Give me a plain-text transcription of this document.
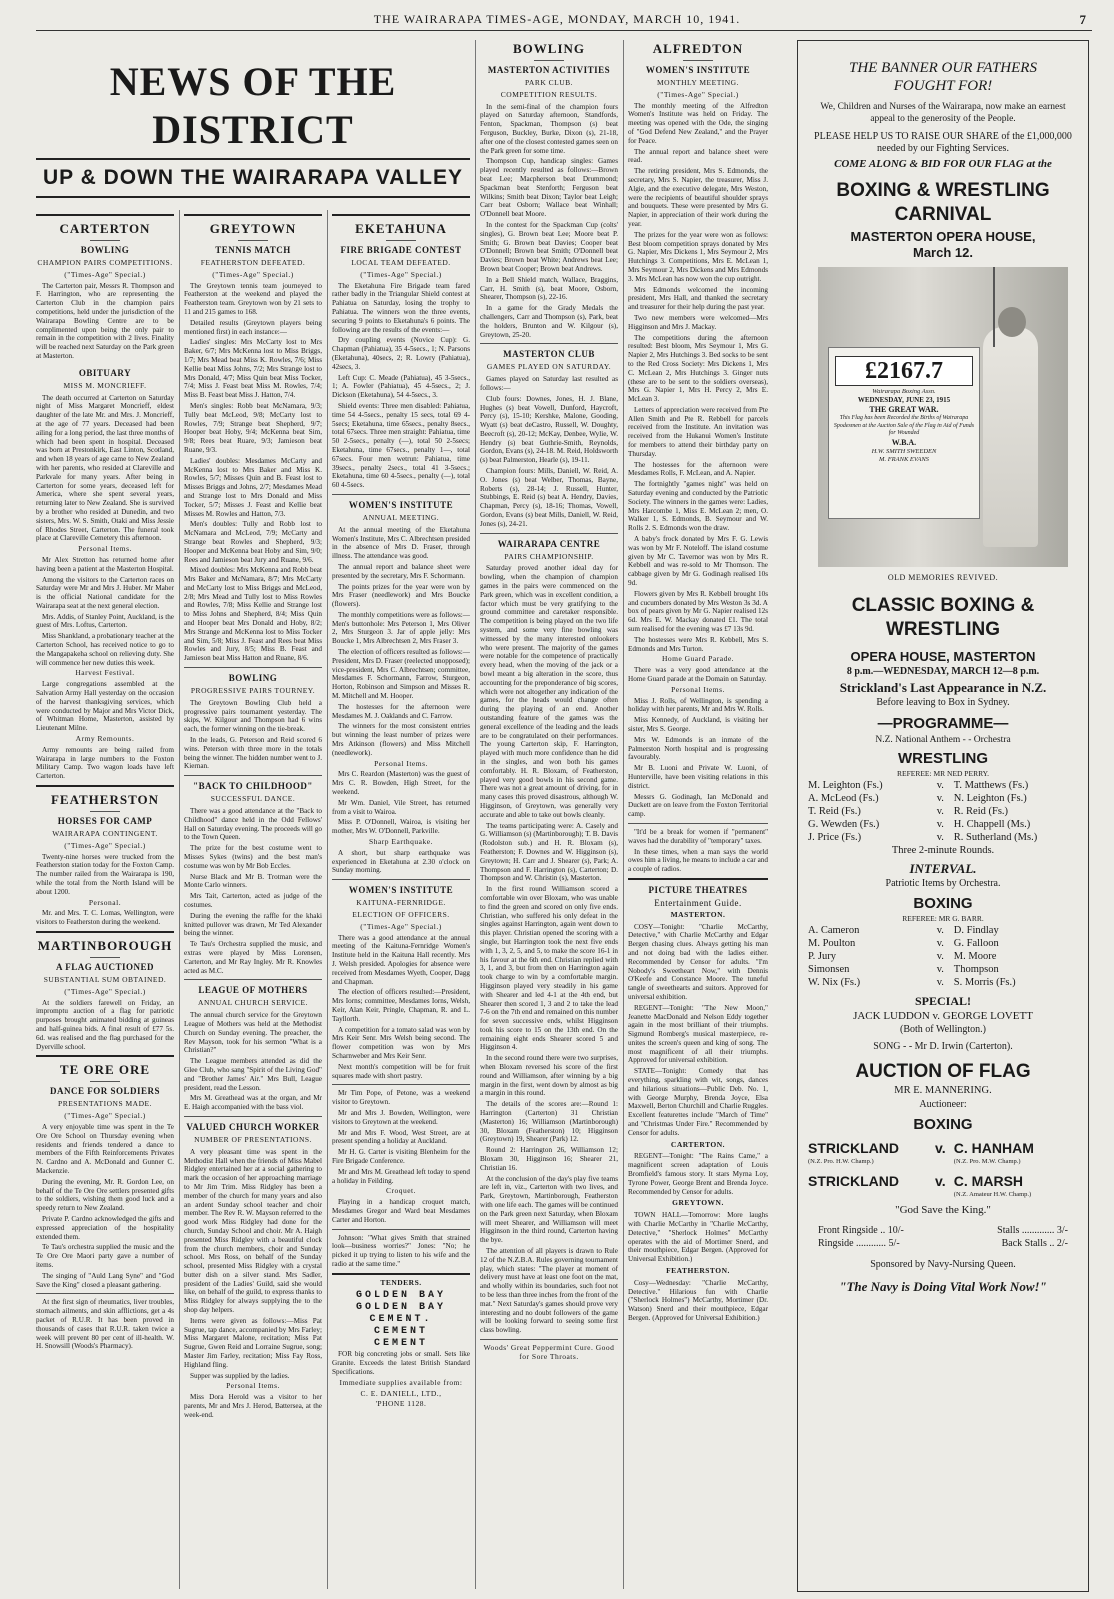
THE WAIRARAPA TIMES-AGE, MONDAY, MARCH 10, 1941.	7
NEWS OF THE DISTRICT
UP & DOWN THE WAIRARAPA VALLEY
CARTERTON
BOWLING
CHAMPION PAIRS COMPETITIONS.

("Times-Age" Special.)

The Carterton pair, Messrs R. Thompson and F. Harrington, who are representing the Carterton Club in the champion pairs competitions, held under the jurisdiction of the Wairarapa Bowling Centre are to be complimented upon being the only pair to remain in the competition with 2 lives. Finality will be reached next Saturday on the Park green at Masterton.

OBITUARY
MISS M. MONCRIEFF.

The death occurred at Carterton on Saturday night of Miss Margaret Moncrieff, eldest daughter of the late Mr. and Mrs. J. Moncrieff, at the age of 77 years. Deceased had been ailing for a long period, the last three months of which had been spent in hospital. Deceased was born at Prestonkirk, East Linton, Scotland, and when 18 years of age came to New Zealand with her parents, who resided at Clareville and Parkvale for many years. After being in Carterton for some years, deceased left for America, where she spent several years, returning later to New Zealand. She is survived by a brother who resided at Dunedin, and two sisters, Mrs. W. S. Smith, Otaki and Miss Jessie of Rhodes Street, Carterton. The funeral took place at Clareville Cemetery this afternoon.

Personal Items.

Mr Alex Stretton has returned home after having been a patient at the Masterton Hospital.

Among the visitors to the Carterton races on Saturday were Mr and Mrs J. Huber. Mr Maher is the official National candidate for the Wairarapa seat at the next general election.

Mrs. Addis, of Stanley Point, Auckland, is the guest of Mrs. Loftus, Carterton.

Miss Shankland, a probationary teacher at the Carterton School, has received notice to go to the Mangapakeha school on relieving duty. She will commence her new duties this week.

Harvest Festival.

Large congregations assembled at the Salvation Army Hall yesterday on the occasion of the harvest thanksgiving services, which were conducted by Major and Mrs Victor Dick, of Whitman Home, Masterton, assisted by Lieutenant Milne.

Army Remounts.

Army remounts are being railed from Wairarapa in large numbers to the Foxton Military Camp. Two wagon loads have left Carterton.

FEATHERSTON
HORSES FOR CAMP
WAIRARAPA CONTINGENT.

("Times-Age" Special.)

Twenty-nine horses were trucked from the Featherston station today for the Foxton Camp. The number railed from the Wairarapa is 190, while the total from the North Island will be about 1200.

Personal.

Mr. and Mrs. T. C. Lomas, Wellington, were visitors to Featherston during the weekend.

MARTINBOROUGH
A FLAG AUCTIONED
SUBSTANTIAL SUM OBTAINED.

("Times-Age" Special.)

At the soldiers farewell on Friday, an impromptu auction of a flag for patriotic purposes brought animated bidding at guineas and half-guinea bids. A final result of £77 5s. 6d. was realised and the flag purchased for the Dyerville school.

TE ORE ORE
DANCE FOR SOLDIERS
PRESENTATIONS MADE.

("Times-Age" Special.)

A very enjoyable time was spent in the Te Ore Ore School on Thursday evening when residents and friends tendered a dance to members of the Fifth Reinforcements Privates N. Cardno and A. McDonald and Gunner C. Mackenzie.

During the evening, Mr. R. Gordon Lee, on behalf of the Te Ore Ore settlers presented gifts to the soldiers, wishing them good luck and a speedy return to New Zealand.

Private P. Cardno acknowledged the gifts and expressed appreciation of the hospitality extended them.

Te Tau's orchestra supplied the music and the Te Ore Ore Maori party gave a number of items.

The singing of "Auld Lang Syne" and "God Save the King" closed a pleasant gathering.

At the first sign of rheumatics, liver troubles, stomach ailments, and skin afflictions, get a 4s packet of R.U.R. It has been proved in thousands of cases that R.U.R. taken twice a week will prevent 80 per cent of ill-health. W. H. Snowsill (Woods's Pharmacy).

GREYTOWN
TENNIS MATCH
FEATHERSTON DEFEATED.

("Times-Age" Special.)

The Greytown tennis team journeyed to Featherston at the weekend and played the Featherston team. Greytown won by 21 sets to 11 and 215 games to 168.

Detailed results (Greytown players being mentioned first) in each instance:—

Ladies' singles: Mrs McCarty lost to Mrs Baker, 6/7; Mrs McKenna lost to Miss Briggs, 1/7; Mrs Mead beat Miss K. Rowles, 7/6; Miss Kellie beat Miss Johns, 7/2; Mrs Strange lost to Mrs Donald, 4/7; Miss Quin beat Miss Tocker, 7/4; Miss J. Feast beat Miss M. Rowles, 7/4; Miss B. Feast beat Miss J. Hatton, 7/4.

Men's singles: Robb beat McNamara, 9/3; Tully beat McLeod, 9/8; McCarty lost to Rowles, 7/9; Strange beat Shepherd, 9/7; Hooper beat Hoby, 9/4; McKenna beat Sim, 9/8; Rees beat Ruare, 9/3; Jamieson beat Ruane, 9/3.

Ladies' doubles: Mesdames McCarty and McKenna lost to Mrs Baker and Miss K. Rowles, 5/7; Misses Quin and B. Feast lost to Misses Briggs and Johns, 2/7; Mesdames Mead and Strange lost to Mrs Donald and Miss Tocker, 5/7; Misses J. Feast and Kellie beat Misses M. Rowles and Hatton, 7/3.

Men's doubles: Tully and Robb lost to McNamara and McLeod, 7/9; McCarty and Strange beat Rowles and Shepherd, 9/3; Hooper and McKenna beat Hoby and Sim, 9/0; Rees and Jamieson beat Jury and Ruane, 9/6.

Mixed doubles: Mrs McKenna and Robb beat Mrs Baker and McNamara, 8/7; Mrs McCarty and McCarty lost to Miss Briggs and McLeod, 2/8; Mrs Mead and Tully lost to Miss Rowles and Rowles, 7/8; Miss Kellie and Strange lost to Miss Johns and Shepherd, 8/4; Miss Quin and Hooper beat Mrs Donald and Hoby, 8/2; Mrs Strange and McKenna lost to Miss Tocker and Sim, 5/8; Miss J. Feast and Rees beat Miss Rowles and Jury, 8/5; Miss B. Feast and Jamieson beat Miss Hatton and Ruane, 8/6.

BOWLING
PROGRESSIVE PAIRS TOURNEY.

The Greytown Bowling Club held a progressive pairs tournament yesterday. The skips, W. Kilgour and Thompson had 6 wins each, the former winning on the tie-break.

In the leads, G. Peterson and Reid scored 6 wins. Peterson with three more in the totals being the winner. The hidden number went to J. Kiernan.

"BACK TO CHILDHOOD"
SUCCESSFUL DANCE.

There was a good attendance at the "Back to Childhood" dance held in the Odd Fellows' Hall on Saturday evening. The proceeds will go to the Town Queen.

The prize for the best costume went to Misses Sykes (twins) and the best man's costume was won by Mr Bob Eccles.

Nurse Black and Mr B. Trotman were the Monte Carlo winners.

Mrs Tait, Carterton, acted as judge of the costumes.

During the evening the raffle for the khaki knitted pullover was drawn, Mr Ted Alexander being the winner.

Te Tau's Orchestra supplied the music, and extras were played by Miss Lorensen, Carterton, and Mr Ray Ingley. Mr R. Knowles acted as M.C.

LEAGUE OF MOTHERS
ANNUAL CHURCH SERVICE.

The annual church service for the Greytown League of Mothers was held at the Methodist Church on Sunday evening. The preacher, the Rev Mayson, took for his sermon "What is a Christian?"

The League members attended as did the Glee Club, who sang "Spirit of the Living God" and "Brother James' Air." Mrs Bull, League president, read the Lesson.

Mrs M. Greathead was at the organ, and Mr E. Haigh accompanied with the bass viol.

VALUED CHURCH WORKER
NUMBER OF PRESENTATIONS.

A very pleasant time was spent in the Methodist Hall when the friends of Miss Mabel Ridgley entertained her at a social gathering to mark the occasion of her approaching marriage to Mr Jim Trim. Miss Ridgley has been a member of the church for many years and also an ardent Sunday school teacher and choir member. The Rev R. W. Mayson referred to the good work Miss Ridgley had done for the church, Sunday School and choir. Mr A. Haigh presented Miss Ridgley with a beautiful clock from the church members, choir and Sunday school. Mrs Ross, on behalf of the Sunday school, presented Miss Ridgley with a crystal butter dish on a silver stand. Mrs Sadler, president of the Ladies' Guild, said she would like, on behalf of the guild, to express thanks to Miss Ridgley for always supplying the to the shop day helpers.

Items were given as follows:—Miss Pat Sugrue, tap dance, accompanied by Mrs Farley; Miss Margaret Malone, recitation; Miss Pat Sugrue, Gwen Reid and Lorraine Sugrue, song; Master Jim Farley, recitation; Miss Fay Ross, Highland fling.

Supper was supplied by the ladies.

Personal Items.

Miss Dora Herold was a visitor to her parents, Mr and Mrs J. Herod, Battersea, at the week-end.

EKETAHUNA
FIRE BRIGADE CONTEST
LOCAL TEAM DEFEATED.

("Times-Age" Special.)

The Eketahuna Fire Brigade team fared rather badly in the Triangular Shield contest at Pahiatua on Saturday, losing the trophy to Pahiatua. The winners won the three events, securing 9 points to Eketahuna's 6 points. The following are the results of the events:—

Dry coupling events (Novice Cup): G. Chapman (Pahiatua), 35 4-5secs., 1; N. Parsons (Eketahuna), 40secs, 2; R. Lowry (Pahiatua), 42secs, 3.

Left Cup: C. Meade (Pahiatua), 45 3-5secs., 1; A. Fowler (Pahiatua), 45 4-5secs., 2; J. Dickson (Eketahuna), 54 4-5secs., 3.

Shield events: Three men disabled: Pahiatua, time 54 4-5secs., penalty 15 secs, total 69 4-5secs; Eketahuna, time 65secs., penalty 8secs., total 67secs. Three men straight: Pahiatua, time 50 2-5secs., penalty (—), total 50 2-5secs; Eketahuna, time 67secs., penalty 1—, total 67secs. Four men wetrun: Pahiatua, time 39secs., penalty 2secs., total 41 3-5secs.; Eketahuna, time 60 4-5secs., penalty (—), total 60 4-5secs.

WOMEN'S INSTITUTE
ANNUAL MEETING.

At the annual meeting of the Eketahuna Women's Institute, Mrs C. Albrechtsen presided in the absence of Mrs D. Fraser, through illness. The attendance was good.

The annual report and balance sheet were presented by the secretary, Mrs F. Schormann.

The points prizes for the year were won by Mrs Fraser (needlework) and Mrs Boucke (flowers).

The monthly competitions were as follows:—Men's buttonhole: Mrs Peterson 1, Mrs Oliver 2, Mrs Sturgeon 3. Jar of apple jelly: Mrs Boucke 1, Mrs Albrechtsen 2, Mrs Fraser 3.

The election of officers resulted as follows:—President, Mrs D. Fraser (reelected unopposed); vice-president, Mrs C. Albrechtsen; committee, Mesdames F. Schormann, Farrow, Sturgeon, Horton, Robinson and Simpson and Misses R. M. Mitchell and M. Hooper.

The hostesses for the afternoon were Mesdames M. J. Oaklands and C. Farrow.

The winners for the most consistent entries but winning the least number of prizes were Mrs Atkinson (flowers) and Miss Mitchell (needlework).

Personal Items.

Mrs C. Reardon (Masterton) was the guest of Mrs C. R. Bowden, High Street, for the weekend.

Mr Wm. Daniel, Vile Street, has returned from a visit to Wairoa.

Miss P. O'Donnell, Wairoa, is visiting her mother, Mrs W. O'Donnell, Parkville.

Sharp Earthquake.

A short, but sharp earthquake was experienced in Eketahuna at 2.30 o'clock on Sunday morning.

WOMEN'S INSTITUTE
KAITUNA-FERNRIDGE.
ELECTION OF OFFICERS.

("Times-Age" Special.)

There was a good attendance at the annual meeting of the Kaituna-Fernridge Women's Institute held in the Kaituna Hall recently. Mrs J. Welsh presided. Apologies for absence were received from Mesdames Wyeth, Cooper, Dagg and Chapman.

The election of officers resulted:—President, Mrs Iorns; committee, Mesdames Iorns, Welsh, Keir, Alan Keir, Pringle, Chapman, R. and L. Tayllorth.

A competition for a tomato salad was won by Mrs Keir Senr. Mrs Welsh being second. The flower competition was won by Mrs Scharnweber and Mrs Keir Senr.

Next month's competition will be for fruit squares made with short pastry.

Mr Tim Pope, of Petone, was a weekend visitor to Greytown.

Mr and Mrs J. Bowden, Wellington, were visitors to Greytown at the weekend.

Mr and Mrs F. Wood, West Street, are at present spending a holiday at Auckland.

Mr H. G. Carter is visiting Blenheim for the Fire Brigade Conference.

Mr and Mrs M. Greathead left today to spend a holiday in Feilding.

Croquet.

Playing in a handicap croquet match, Mesdames Gregor and Ward beat Mesdames Carter and Horton.

Johnson: "What gives Smith that strained look—business worries?" Jones: "No; he picked it up trying to listen to his wife and the radio at the same time."

TENDERS.
GOLDEN BAY
GOLDEN BAY
CEMENT.
CEMENT
CEMENT

FOR big concreting jobs or small. Sets like Granite. Exceeds the latest British Standard Specifications.

Immediate supplies available from:

C. E. DANIELL, LTD.,

'PHONE 1128.

BOWLING
MASTERTON ACTIVITIES
PARK CLUB.
COMPETITION RESULTS.

In the semi-final of the champion fours played on Saturday afternoon, Standfords, Fenton, Spackman, Thompson (s) beat Ferguson, Buckley, Burke, Dixon (s), 21-18, after one of the closest contested games seen on the Park green for some time.

Thompson Cup, handicap singles: Games played recently resulted as follows:—Brown beat Lee; Macpherson beat Drummond; Spackman beat Stenforth; Ferguson beat Wilkins; Smith beat Dixon; Taylor beat Leigh; Carr beat Osborn; Wallace beat Winhall; O'Donnell beat Moore.

In the contest for the Spackman Cup (colts' singles), G. Brown beat Lee; Moore beat P. Smith; G. Brown beat Davies; Cooper beat O'Donnell; Brown beat Smith; O'Donnell beat Davies; Brown beat White; Andrews beat Lee; Brown beat Cooper; Brown beat Andrews.

In a Bell Shield match, Wallace, Braggins, Carr, H. Smith (s), beat Moore, Osborn, Shearer, Thompson (s), 22-16.

In a game for the Grady Medals the challengers, Carr and Thompson (s), Park, beat the holders, Brunton and W. Kilgour (s), Greytown, 25-20.

MASTERTON CLUB
GAMES PLAYED ON SATURDAY.

Games played on Saturday last resulted as follows:—

Club fours: Downes, Jones, H. J. Blane, Hughes (s) beat Vowell, Dunford, Haycroft, Percy (s), 15-10; Kershke, Malone, Gooding, Wyatt (s) beat deCastro, Russell, W. Doughty, Beecroft (s), 20-12; McKay, Denbee, Wylie, W. Hendry (s) beat Guthrie-Smith, Reynolds, Gordon, Evans (s), 24-18. M. Reid, Holdsworth (s) beat Palmerston, Hearle (s), 19-11.

Champion fours: Mills, Daniell, W. Reid, A. O. Jones (s) beat Welber, Thomas, Bayne, Roberts (s), 28-14; J. Russell, Hunter, Stubbings, E. Reid (s) beat A. Hendry, Davies, Chapman, Percy (s), 18-16; Thomas, Vowell, Gordon, Evans (s) beat Mills, Daniell, W. Reid, Jones (s), 24-21.

WAIRARAPA CENTRE
PAIRS CHAMPIONSHIP.

Saturday proved another ideal day for bowling, when the champion of champion games in the pairs were commenced on the Park green, which was in excellent condition, a factor which must be very gratifying to the ground committee and caretaker responsible. The competition is being played on the two life system, and some very fine bowling was witnessed by the many interested onlookers who were present. The majority of the games were notable for the competence of practically every head, when the moving of the jack or a bowl meant a big alteration in the score, thus accounting for the preponderance of big scores, which were not altogether any indication of the games, for the heads would change often during the playing of an end. Another outstanding feature of the games was the general excellence of the leading and the leads are to be congratulated on their performances. The young Carterton skip, F. Harrington, played with much more confidence than he did in the singles, and won both his games comfortably. H. R. Bloxam, of Featherston, played very good bowls in his second game. There was not a great amount of driving, for in many cases this proved disastrous, although W. Higginson, of Greytown, was generally very accurate and able to take out bowls cleanly.

The teams participating were: A. Casely and G. Williamson (s) (Martinborough); T. B. Davis (Rodolston sub.) and H. R. Bloxam (s), Featherston; F. Downes and W. Higginson (s), Greytown; H. Carr and J. Shearer (s), Park; A. Thompson and F. Harrington (s), Carterton; D. Thompson and W. Christin (s), Masterton.

In the first round Williamson scored a comfortable win over Bloxam, who was unable to find the green and scored on only five ends. Christian, who suffered his only defeat in the singles against Harrington, again went down to this player. Christian opened the scoring with a single, but Harrington took the next five ends with 1, 3, 2, 5, and 5, to make the score 16-1 in his favour at the 6th end. Christian replied with 3, 1, and 3, but from then on Harrington again took charge to win by a comfortable margin. Higginson played very steadily in his game with Shearer and led 4-1 at the 4th end, but Shearer then scored 1, 3 and 2 to take the lead 7-6 on the 7th end and remained on this number for seven successive ends, whilst Higginson took his score to 15 on the 13th end. On the remaining eight ends Shearer scored 5 and Higginson 4.

In the second round there were two surprises, when Bloxam reversed his score of the first round and Williamson, after winning by a big margin in the first, went down by almost as big a margin in this round.

The details of the scores are:—Round 1: Harrington (Carterton) 31 Christian (Masterton) 16; Williamson (Martinborough) 30, Bloxam (Featherston) 10; Higginson (Greytown) 19, Shearer (Park) 12.

Round 2: Harrington 26, Williamson 12; Bloxam 30, Higginson 16; Shearer 21, Christian 16.

At the conclusion of the day's play five teams are left in, viz., Carterton with two lives, and Park, Greytown, Martinborough, Featherston with one life each. The games will be continued on the Park green next Saturday, when Bloxam will meet Shearer, and Williamson will meet Higginson in the third round, Carterton having the bye.

The attention of all players is drawn to Rule 12 of the N.Z.B.A. Rules governing tournament play, which states: "The player at moment of delivery must have at least one foot on the mat, and wholly within its boundaries, such foot not to be less than three inches from the front of the mat." Next Saturday's games should prove very interesting and no doubt followers of the game will be looking forward to seeing some first class bowling.

Woods' Great Peppermint Cure. Good for Sore Throats.

ALFREDTON
WOMEN'S INSTITUTE
MONTHLY MEETING.

("Times-Age" Special.)

The monthly meeting of the Alfredton Women's Institute was held on Friday. The meeting was opened with the Ode, the singing of "God Defend New Zealand," and the Prayer for Peace.

The annual report and balance sheet were read.

The retiring president, Mrs S. Edmonds, the secretary, Mrs S. Napier, the treasurer, Miss J. Algie, and the executive delegate, Mrs Weston, were the recipients of beautiful shoulder sprays and bouquets. These were presented by Mrs G. Napier, in appreciation of their work during the year.

The prizes for the year were won as follows: Best bloom competition sprays donated by Mrs G. Napier, Mrs Dickens 1, Mrs Seymour 2, Mrs Hutchings 3. Competitions, Mrs E. McLean 1, Mrs Seymour 2, Mrs Dickens and Mrs Edmonds 3. Mrs McLean has now won the cup outright.

Mrs Edmonds welcomed the incoming president, Mrs Hall, and thanked the secretary and treasurer for their help during the past year.

Two new members were welcomed—Mrs Higginson and Mrs J. Mackay.

The competitions during the afternoon resulted: Best bloom, Mrs Seymour 1, Mrs G. Napier 2, Mrs Hutchings 3. Bed socks to be sent to the Red Cross Society: Mrs Dickens 1, Mrs C. McLean 2, Mrs Hutchings 3. Ginger nuts (these are to be sent to the soldiers overseas), Mrs G. Napier 1, Mrs H. Percy 2, Mrs E. McLean 3.

Letters of appreciation were received from Pte Allen Smith and Pte R. Rebbell for parcels received from the Institute. An invitation was received from the Hukanui Women's Institute for members to attend their birthday party on Thursday.

The hostesses for the afternoon were Mesdames Rolls, F. McLean, and A. Napier.

The fortnightly "games night" was held on Saturday evening and conducted by the Patriotic Society. The winners in the games were: Ladies, Mrs Harcombe 1, Miss E. McLean 2; men, O. Walker 1, S. Edmonds, B. Seymour and W. Rolls 2. S. Edmonds won the draw.

A baby's frock donated by Mrs F. G. Lewis was won by Mr F. Noteloff. The island costume given by Mr C. Tavernor was won by Mrs R. Kebbell and was re-sold to Mr Thomson. The cabbage given by Mr G. Godinagh realised 10s 9d.

Flowers given by Mrs R. Kebbell brought 10s and cucumbers donated by Mrs Weston 3s 3d. A box of pears given by Mr G. Napier realised 12s 6d. Mrs E. W. Mackay donated £1. The total sum realised for the evening was £7 13s 9d.

The hostesses were Mrs R. Kebbell, Mrs S. Edmonds and Mrs Turton.

Home Guard Parade.

There was a very good attendance at the Home Guard parade at the Domain on Saturday.

Personal Items.

Miss J. Rolls, of Wellington, is spending a holiday with her parents, Mr and Mrs W. Rolls.

Miss Kennedy, of Auckland, is visiting her sister, Mrs S. George.

Mrs W. Edmonds is an inmate of the Palmerston North hospital and is progressing favourably.

Mr B. Luoni and Private W. Luoni, of Hunterville, have been visiting relations in this district.

Messrs G. Godinagh, Ian McDonald and Duckett are on leave from the Foxton Territorial camp.

"It'd be a break for women if "permanent" waves had the durability of "temporary" taxes.

In these times, when a man says the world owes him a living, he means to include a car and a couple of radios.

PICTURE THEATRES
Entertainment Guide.
MASTERTON.

COSY—Tonight: "Charlie McCarthy, Detective," with Charlie McCarthy and Edgar Bergen chasing clues. Always getting his man and not doing bad with the ladies either. Recommended by Censor for adults. "I'm Nobody's Sweetheart Now," with Dennis O'Keefe and Constance Moore. The tuneful tangle of sweethearts and suitors. Approved for universal exhibition.

REGENT—Tonight: "The New Moon," Jeanette MacDonald and Nelson Eddy together again in the most brilliant of their triumphs. Sigmund Romberg's musical masterpiece, re-unites the screen's queen and king of song. The most magnificent of all their triumphs. Approved for universal exhibition.

STATE—Tonight: Comedy that has everything, sparkling with wit, songs, dances and hilarious situations—Public Deb. No. 1, with George Murphy, Brenda Joyce, Elsa Maxwell, Berton Churchill and Charlie Ruggles. Excellent featurettes include "March of Time" and "Christmas Under Fire." Recommended by Censor for adults.

CARTERTON.

REGENT—Tonight: "The Rains Came," a magnificent screen adaptation of Louis Bromfield's famous story. It stars Myrna Loy, Tyrone Power, George Brent and Brenda Joyce. Recommended by Censor for adults.

GREYTOWN.

TOWN HALL—Tomorrow: More laughs with Charlie McCarthy in "Charlie McCarthy, Detective," "Sherlock Holmes" McCarthy operates with the aid of Mortimer Snerd, and their mouthpiece, Edgar Bergen. (Approved for Universal Exhibition.)

FEATHERSTON.

Cosy—Wednesday: "Charlie McCarthy, Detective." Hilarious fun with Charlie ("Sherlock Holmes") McCarthy, Mortimer (Dr. Watson) Snerd and their mouthpiece, Edgar Bergen. (Approved for Universal Exhibition.)

THE BANNER OUR FATHERS
FOUGHT FOR!
We, Children and Nurses of the Wairarapa, now make an earnest appeal to the generosity of the People.
PLEASE HELP US TO RAISE OUR SHARE of the £1,000,000 needed by our Fighting Services.
COME ALONG & BID FOR OUR FLAG at the
BOXING & WRESTLING
CARNIVAL
MASTERTON OPERA HOUSE,
March 12.
£2167.7
Wairarapa Boxing Assn.
WEDNESDAY, JUNE 23, 1915
THE GREAT WAR.
This Flag has been Recorded the Births of Wairarapa Spodesmen at the Auction Sale of the Flag in Aid of Funds for Wounded
W.B.A.
H.W. SMITH SWEEDEN
M. FRANK EVANS
OLD MEMORIES REVIVED.
CLASSIC BOXING &
WRESTLING
OPERA HOUSE, MASTERTON
8 p.m.—WEDNESDAY, MARCH 12—8 p.m.
Strickland's Last Appearance in N.Z.
Before leaving to Box in Sydney.
—PROGRAMME—
N.Z. National Anthem - - Orchestra
WRESTLING
REFEREE: MR NED PERRY.
M. Leighton (Fs.)	v. T. Matthews (Fs.)
A. McLeod (Fs.)	v. N. Leighton (Fs.)
T. Reid (Fs.)	v. R. Reid (Fs.)
G. Wewden (Fs.)	v. H. Chappell (Ms.)
J. Price (Fs.)	v. R. Sutherland (Ms.)
Three 2-minute Rounds.
INTERVAL.
Patriotic Items by Orchestra.
BOXING
REFEREE: MR G. BARR.
A. Cameron	v. D. Findlay
M. Poulton	v. G. Falloon
P. Jury	v. M. Moore
Simonsen	v. Thompson
W. Nix (Fs.)	v. S. Morris (Fs.)
SPECIAL!
JACK LUDDON v. GEORGE LOVETT
(Both of Wellington.)
SONG - - Mr D. Irwin (Carterton).
AUCTION OF FLAG
MR E. MANNERING.
Auctioneer:
BOXING
STRICKLAND	v. C. HANHAM
(N.Z. Pro. H.W. Champ.)	(N.Z. Pro. M.W. Champ.)
STRICKLAND	v. C. MARSH
(N.Z. Amateur H.W. Champ.)
"God Save the King."
Front Ringside .. 10/-	Stalls ............. 3/-
Ringside ............ 5/-	Back Stalls .. 2/-
Sponsored by Navy-Nursing Queen.
"The Navy is Doing Vital Work Now!"
